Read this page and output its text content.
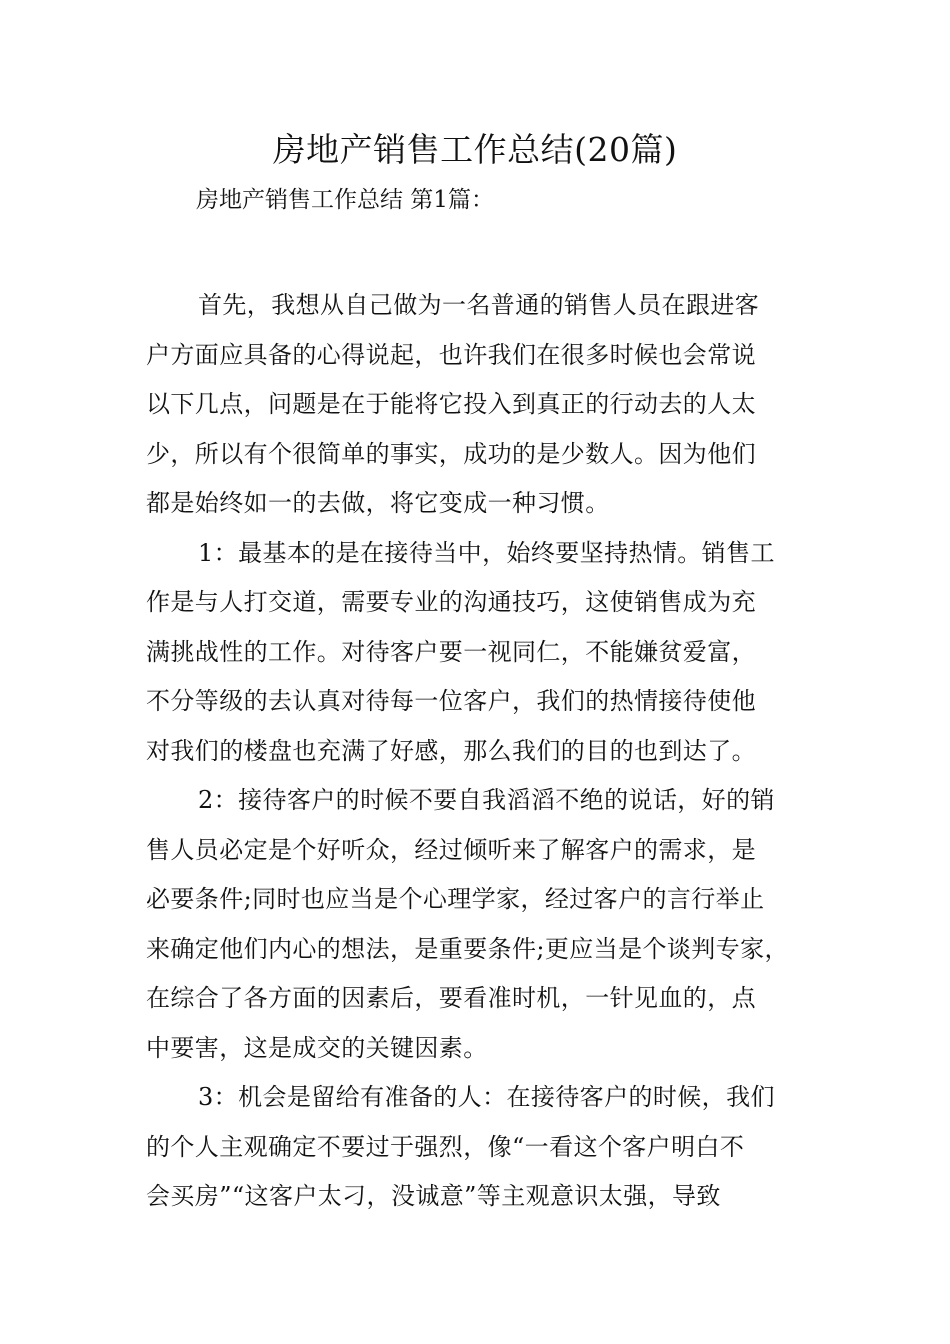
房地产销售工作总结(20篇)

房地产销售工作总结 第1篇：

首先，我想从自己做为一名普通的销售人员在跟进客
户方面应具备的心得说起，也许我们在很多时候也会常说
以下几点，问题是在于能将它投入到真正的行动去的人太
少，所以有个很简单的事实，成功的是少数人。因为他们
都是始终如一的去做，将它变成一种习惯。
1：最基本的是在接待当中，始终要坚持热情。销售工
作是与人打交道，需要专业的沟通技巧，这使销售成为充
满挑战性的工作。对待客户要一视同仁，不能嫌贫爱富，
不分等级的去认真对待每一位客户，我们的热情接待使他
对我们的楼盘也充满了好感，那么我们的目的也到达了。
2：接待客户的时候不要自我滔滔不绝的说话，好的销
售人员必定是个好听众，经过倾听来了解客户的需求，是
必要条件;同时也应当是个心理学家，经过客户的言行举止
来确定他们内心的想法，是重要条件;更应当是个谈判专家，
在综合了各方面的因素后，要看准时机，一针见血的，点
中要害，这是成交的关键因素。
3：机会是留给有准备的人：在接待客户的时候，我们
的个人主观确定不要过于强烈，像“一看这个客户明白不
会买房”“这客户太刁，没诚意”等主观意识太强，导致
